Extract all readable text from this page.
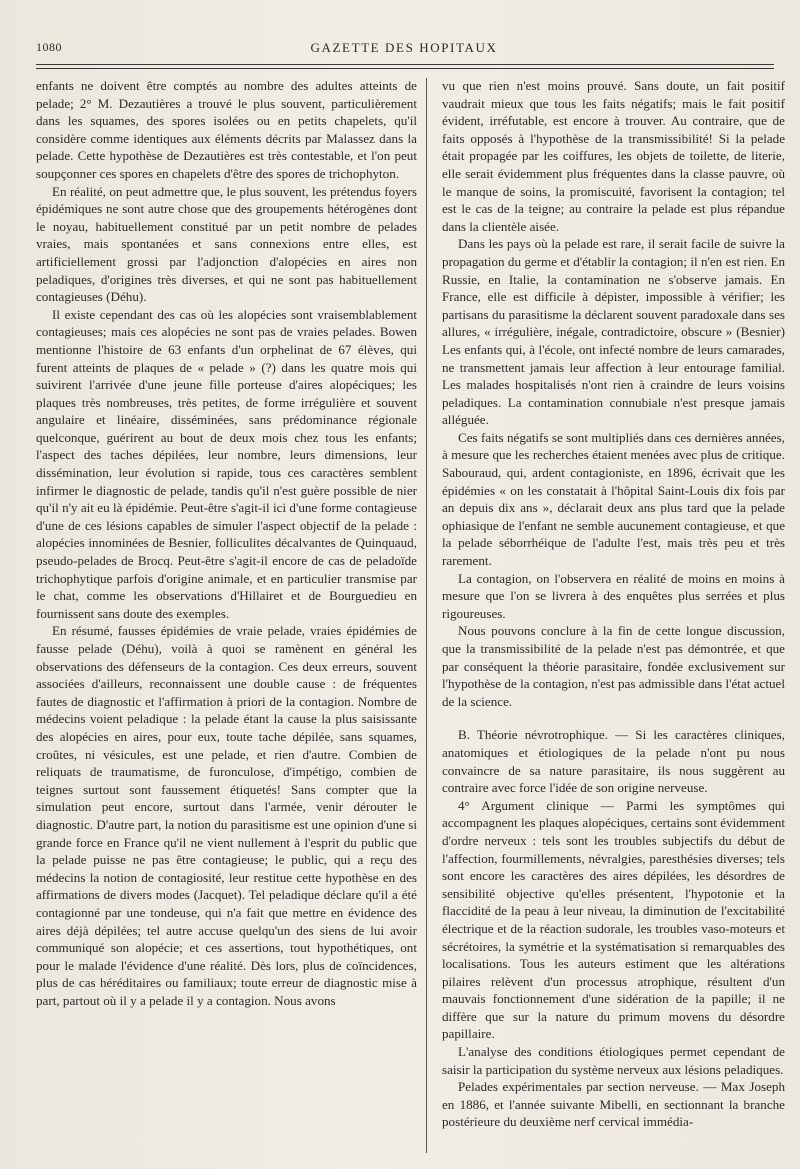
1080	GAZETTE DES HOPITAUX

enfants ne doivent être comptés au nombre des adultes atteints de pelade; 2° M. Dezautières a trouvé le plus souvent, particulièrement dans les squames, des spores isolées ou en petits chapelets, qu'il considère comme identiques aux éléments décrits par Malassez dans la pelade. Cette hypothèse de Dezautières est très contestable, et l'on peut soupçonner ces spores en chapelets d'être des spores de trichophyton.

En réalité, on peut admettre que, le plus souvent, les prétendus foyers épidémiques ne sont autre chose que des groupements hétérogènes dont le noyau, habituellement constitué par un petit nombre de pelades vraies, mais spontanées et sans connexions entre elles, est artificiellement grossi par l'adjonction d'alopécies en aires non peladiques, d'origines très diverses, et qui ne sont pas habituellement contagieuses (Déhu).

Il existe cependant des cas où les alopécies sont vraisemblablement contagieuses; mais ces alopécies ne sont pas de vraies pelades. Bowen mentionne l'histoire de 63 enfants d'un orphelinat de 67 élèves, qui furent atteints de plaques de « pelade » (?) dans les quatre mois qui suivirent l'arrivée d'une jeune fille porteuse d'aires alopéciques; les plaques très nombreuses, très petites, de forme irrégulière et souvent angulaire et linéaire, disséminées, sans prédominance régionale quelconque, guérirent au bout de deux mois chez tous les enfants; l'aspect des taches dépilées, leur nombre, leurs dimensions, leur dissémination, leur évolution si rapide, tous ces caractères semblent infirmer le diagnostic de pelade, tandis qu'il n'est guère possible de nier qu'il n'y ait eu là épidémie. Peut-être s'agit-il ici d'une forme contagieuse d'une de ces lésions capables de simuler l'aspect objectif de la pelade : alopécies innominées de Besnier, folliculites décalvantes de Quinquaud, pseudo-pelades de Brocq. Peut-être s'agit-il encore de cas de peladoïde trichophytique parfois d'origine animale, et en particulier transmise par le chat, comme les observations d'Hillairet et de Bourguedieu en fournissent sans doute des exemples.

En résumé, fausses épidémies de vraie pelade, vraies épidémies de fausse pelade (Déhu), voilà à quoi se ramènent en général les observations des défenseurs de la contagion. Ces deux erreurs, souvent associées d'ailleurs, reconnaissent une double cause : de fréquentes fautes de diagnostic et l'affirmation à priori de la contagion. Nombre de médecins voient peladique : la pelade étant la cause la plus saisissante des alopécies en aires, pour eux, toute tache dépilée, sans squames, croûtes, ni vésicules, est une pelade, et rien d'autre. Combien de reliquats de traumatisme, de furonculose, d'impétigo, combien de teignes surtout sont faussement étiquetés! Sans compter que la simulation peut encore, surtout dans l'armée, venir dérouter le diagnostic. D'autre part, la notion du parasitisme est une opinion d'une si grande force en France qu'il ne vient nullement à l'esprit du public que la pelade puisse ne pas être contagieuse; le public, qui a reçu des médecins la notion de contagiosité, leur restitue cette hypothèse en des affirmations de divers modes (Jacquet). Tel peladique déclare qu'il a été contagionné par une tondeuse, qui n'a fait que mettre en évidence des aires déjà dépilées; tel autre accuse quelqu'un des siens de lui avoir communiqué son alopécie; et ces assertions, tout hypothétiques, ont pour le malade l'évidence d'une réalité. Dès lors, plus de coïncidences, plus de cas héréditaires ou familiaux; toute erreur de diagnostic mise à part, partout où il y a pelade il y a contagion. Nous avons

vu que rien n'est moins prouvé. Sans doute, un fait positif vaudrait mieux que tous les faits négatifs; mais le fait positif évident, irréfutable, est encore à trouver. Au contraire, que de faits opposés à l'hypothèse de la transmissibilité! Si la pelade était propagée par les coiffures, les objets de toilette, de literie, elle serait évidemment plus fréquentes dans la classe pauvre, où le manque de soins, la promiscuité, favorisent la contagion; tel est le cas de la teigne; au contraire la pelade est plus répandue dans la clientèle aisée.

Dans les pays où la pelade est rare, il serait facile de suivre la propagation du germe et d'établir la contagion; il n'en est rien. En Russie, en Italie, la contamination ne s'observe jamais. En France, elle est difficile à dépister, impossible à vérifier; les partisans du parasitisme la déclarent souvent paradoxale dans ses allures, « irrégulière, inégale, contradictoire, obscure » (Besnier) Les enfants qui, à l'école, ont infecté nombre de leurs camarades, ne transmettent jamais leur affection à leur entourage familial. Les malades hospitalisés n'ont rien à craindre de leurs voisins peladiques. La contamination connubiale n'est presque jamais alléguée.

Ces faits négatifs se sont multipliés dans ces dernières années, à mesure que les recherches étaient menées avec plus de critique. Sabouraud, qui, ardent contagioniste, en 1896, écrivait que les épidémies « on les constatait à l'hôpital Saint-Louis dix fois par an depuis dix ans », déclarait deux ans plus tard que la pelade ophiasique de l'enfant ne semble aucunement contagieuse, et que la pelade séborrhéique de l'adulte l'est, mais très peu et très rarement.

La contagion, on l'observera en réalité de moins en moins à mesure que l'on se livrera à des enquêtes plus serrées et plus rigoureuses.

Nous pouvons conclure à la fin de cette longue discussion, que la transmissibilité de la pelade n'est pas démontrée, et que par conséquent la théorie parasitaire, fondée exclusivement sur l'hypothèse de la contagion, n'est pas admissible dans l'état actuel de la science.

B. Théorie névrotrophique. — Si les caractères cliniques, anatomiques et étiologiques de la pelade n'ont pu nous convaincre de sa nature parasitaire, ils nous suggèrent au contraire avec force l'idée de son origine nerveuse.

4° Argument clinique — Parmi les symptômes qui accompagnent les plaques alopéciques, certains sont évidemment d'ordre nerveux : tels sont les troubles subjectifs du début de l'affection, fourmillements, névralgies, paresthésies diverses; tels sont encore les caractères des aires dépilées, les désordres de sensibilité objective qu'elles présentent, l'hypotonie et la flaccidité de la peau à leur niveau, la diminution de l'excitabilité électrique et de la réaction sudorale, les troubles vaso-moteurs et sécrétoires, la symétrie et la systématisation si remarquables des localisations. Tous les auteurs estiment que les altérations pilaires relèvent d'un processus atrophique, résultent d'un mauvais fonctionnement d'une sidération de la papille; il ne diffère que sur la nature du primum movens du désordre papillaire.

L'analyse des conditions étiologiques permet cependant de saisir la participation du système nerveux aux lésions peladiques.

Pelades expérimentales par section nerveuse. — Max Joseph en 1886, et l'année suivante Mibelli, en sectionnant la branche postérieure du deuxième nerf cervical immédia-
